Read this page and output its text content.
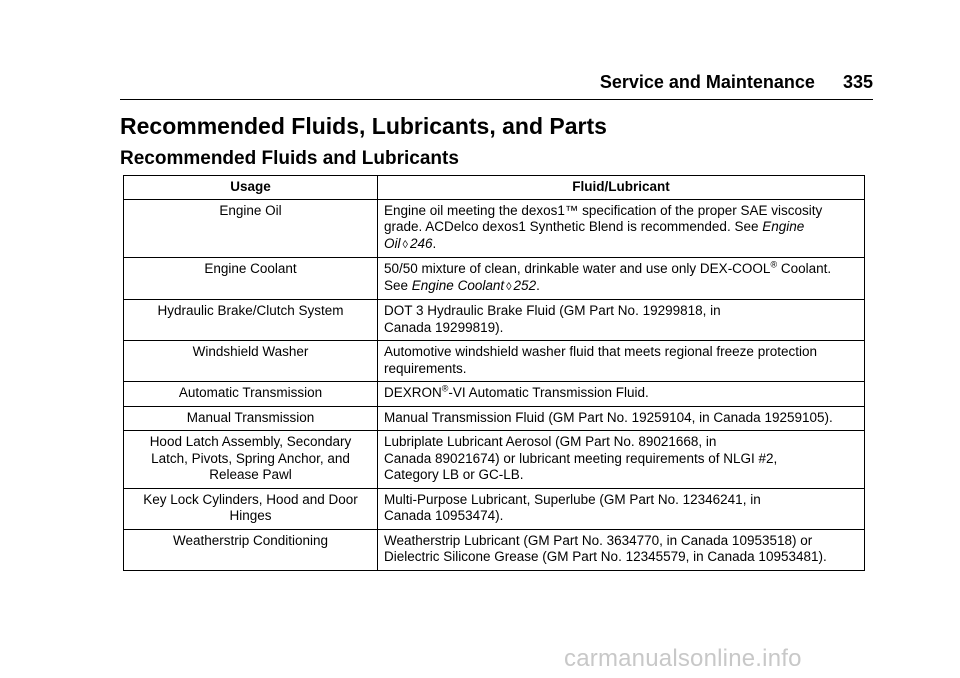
Service and Maintenance 335
Recommended Fluids, Lubricants, and Parts
Recommended Fluids and Lubricants
Usage	Fluid/Lubricant
Engine Oil	Engine oil meeting the dexos1™ specification of the proper SAE viscosity
grade. ACDelco dexos1 Synthetic Blend is recommended. See Engine
Oil ◊ 246.
Engine Coolant	50/50 mixture of clean, drinkable water and use only DEX-COOL® Coolant.
See Engine Coolant ◊ 252.
Hydraulic Brake/Clutch System	DOT 3 Hydraulic Brake Fluid (GM Part No. 19299818, in
Canada 19299819).
Windshield Washer	Automotive windshield washer fluid that meets regional freeze protection
requirements.
Automatic Transmission	DEXRON®-VI Automatic Transmission Fluid.
Manual Transmission	Manual Transmission Fluid (GM Part No. 19259104, in Canada 19259105).
Hood Latch Assembly, Secondary
Latch, Pivots, Spring Anchor, and
Release Pawl	Lubriplate Lubricant Aerosol (GM Part No. 89021668, in
Canada 89021674) or lubricant meeting requirements of NLGI #2,
Category LB or GC-LB.
Key Lock Cylinders, Hood and Door
Hinges	Multi-Purpose Lubricant, Superlube (GM Part No. 12346241, in
Canada 10953474).
Weatherstrip Conditioning	Weatherstrip Lubricant (GM Part No. 3634770, in Canada 10953518) or
Dielectric Silicone Grease (GM Part No. 12345579, in Canada 10953481).
carmanualsonline.info
